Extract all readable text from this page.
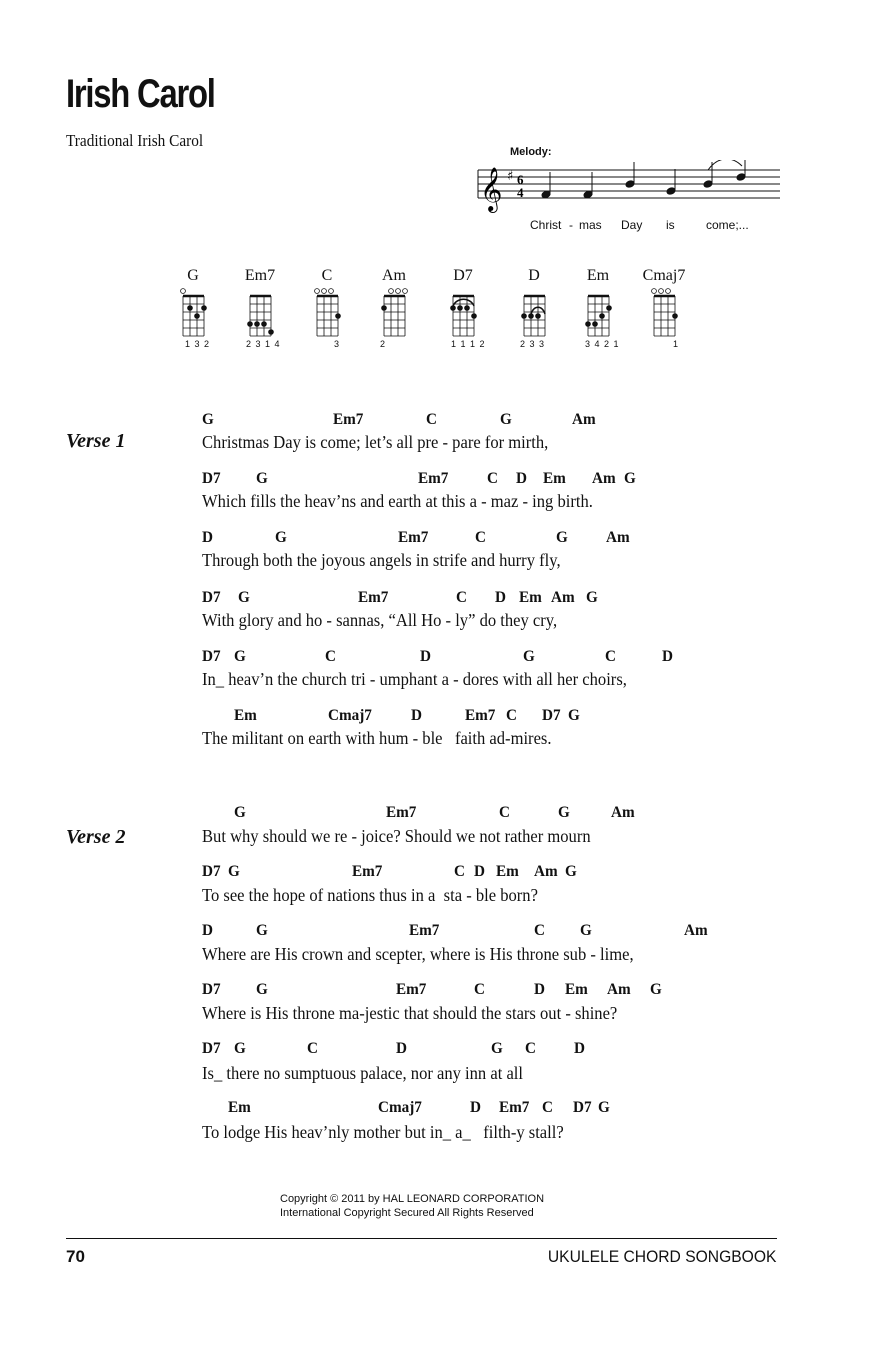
Irish Carol
Traditional Irish Carol
Melody:
𝄞 ♯ 6
4
Christ - mas Day is	come;...
G	Em7	C	Am	D7	D	Em	Cmaj7
1 3 2	2 3 1 4	3	2	1 1 1 2	2 3 3	3 4 2 1	1
Verse 1
G	Em7	C	G	Am
Christmas Day is come; let’s all pre - pare for mirth,
D7 G	Em7 C D Em Am G
Which fills the heav’ns and earth at this a - maz - ing birth.
D	G	Em7	C	G Am
Through both the joyous angels in strife and hurry fly,
D7 G	Em7	C D Em Am G
With glory and ho - sannas, “All Ho - ly” do they cry,
D7 G	C	D	G	C	D
In_ heav’n the church tri - umphant a - dores with all her choirs,
Em	Cmaj7 D	Em7 C D7 G
The militant on earth with hum - ble   faith ad-mires.
Verse 2
G	Em7	C	G	Am
But why should we re - joice? Should we not rather mourn
D7 G	Em7	C D Em Am G
To see the hope of nations thus in a  sta - ble born?
D	G	Em7	C G	Am
Where are His crown and scepter, where is His throne sub - lime,
D7 G	Em7	C	D Em Am G
Where is His throne ma-jestic that should the stars out - shine?
D7 G	C	D	G C D
Is_ there no sumptuous palace, nor any inn at all
Em	Cmaj7	D Em7 C D7 G
To lodge His heav’nly mother but in_ a_   filth-y stall?
Copyright © 2011 by HAL LEONARD CORPORATION
International Copyright Secured All Rights Reserved
70	UKULELE CHORD SONGBOOK
